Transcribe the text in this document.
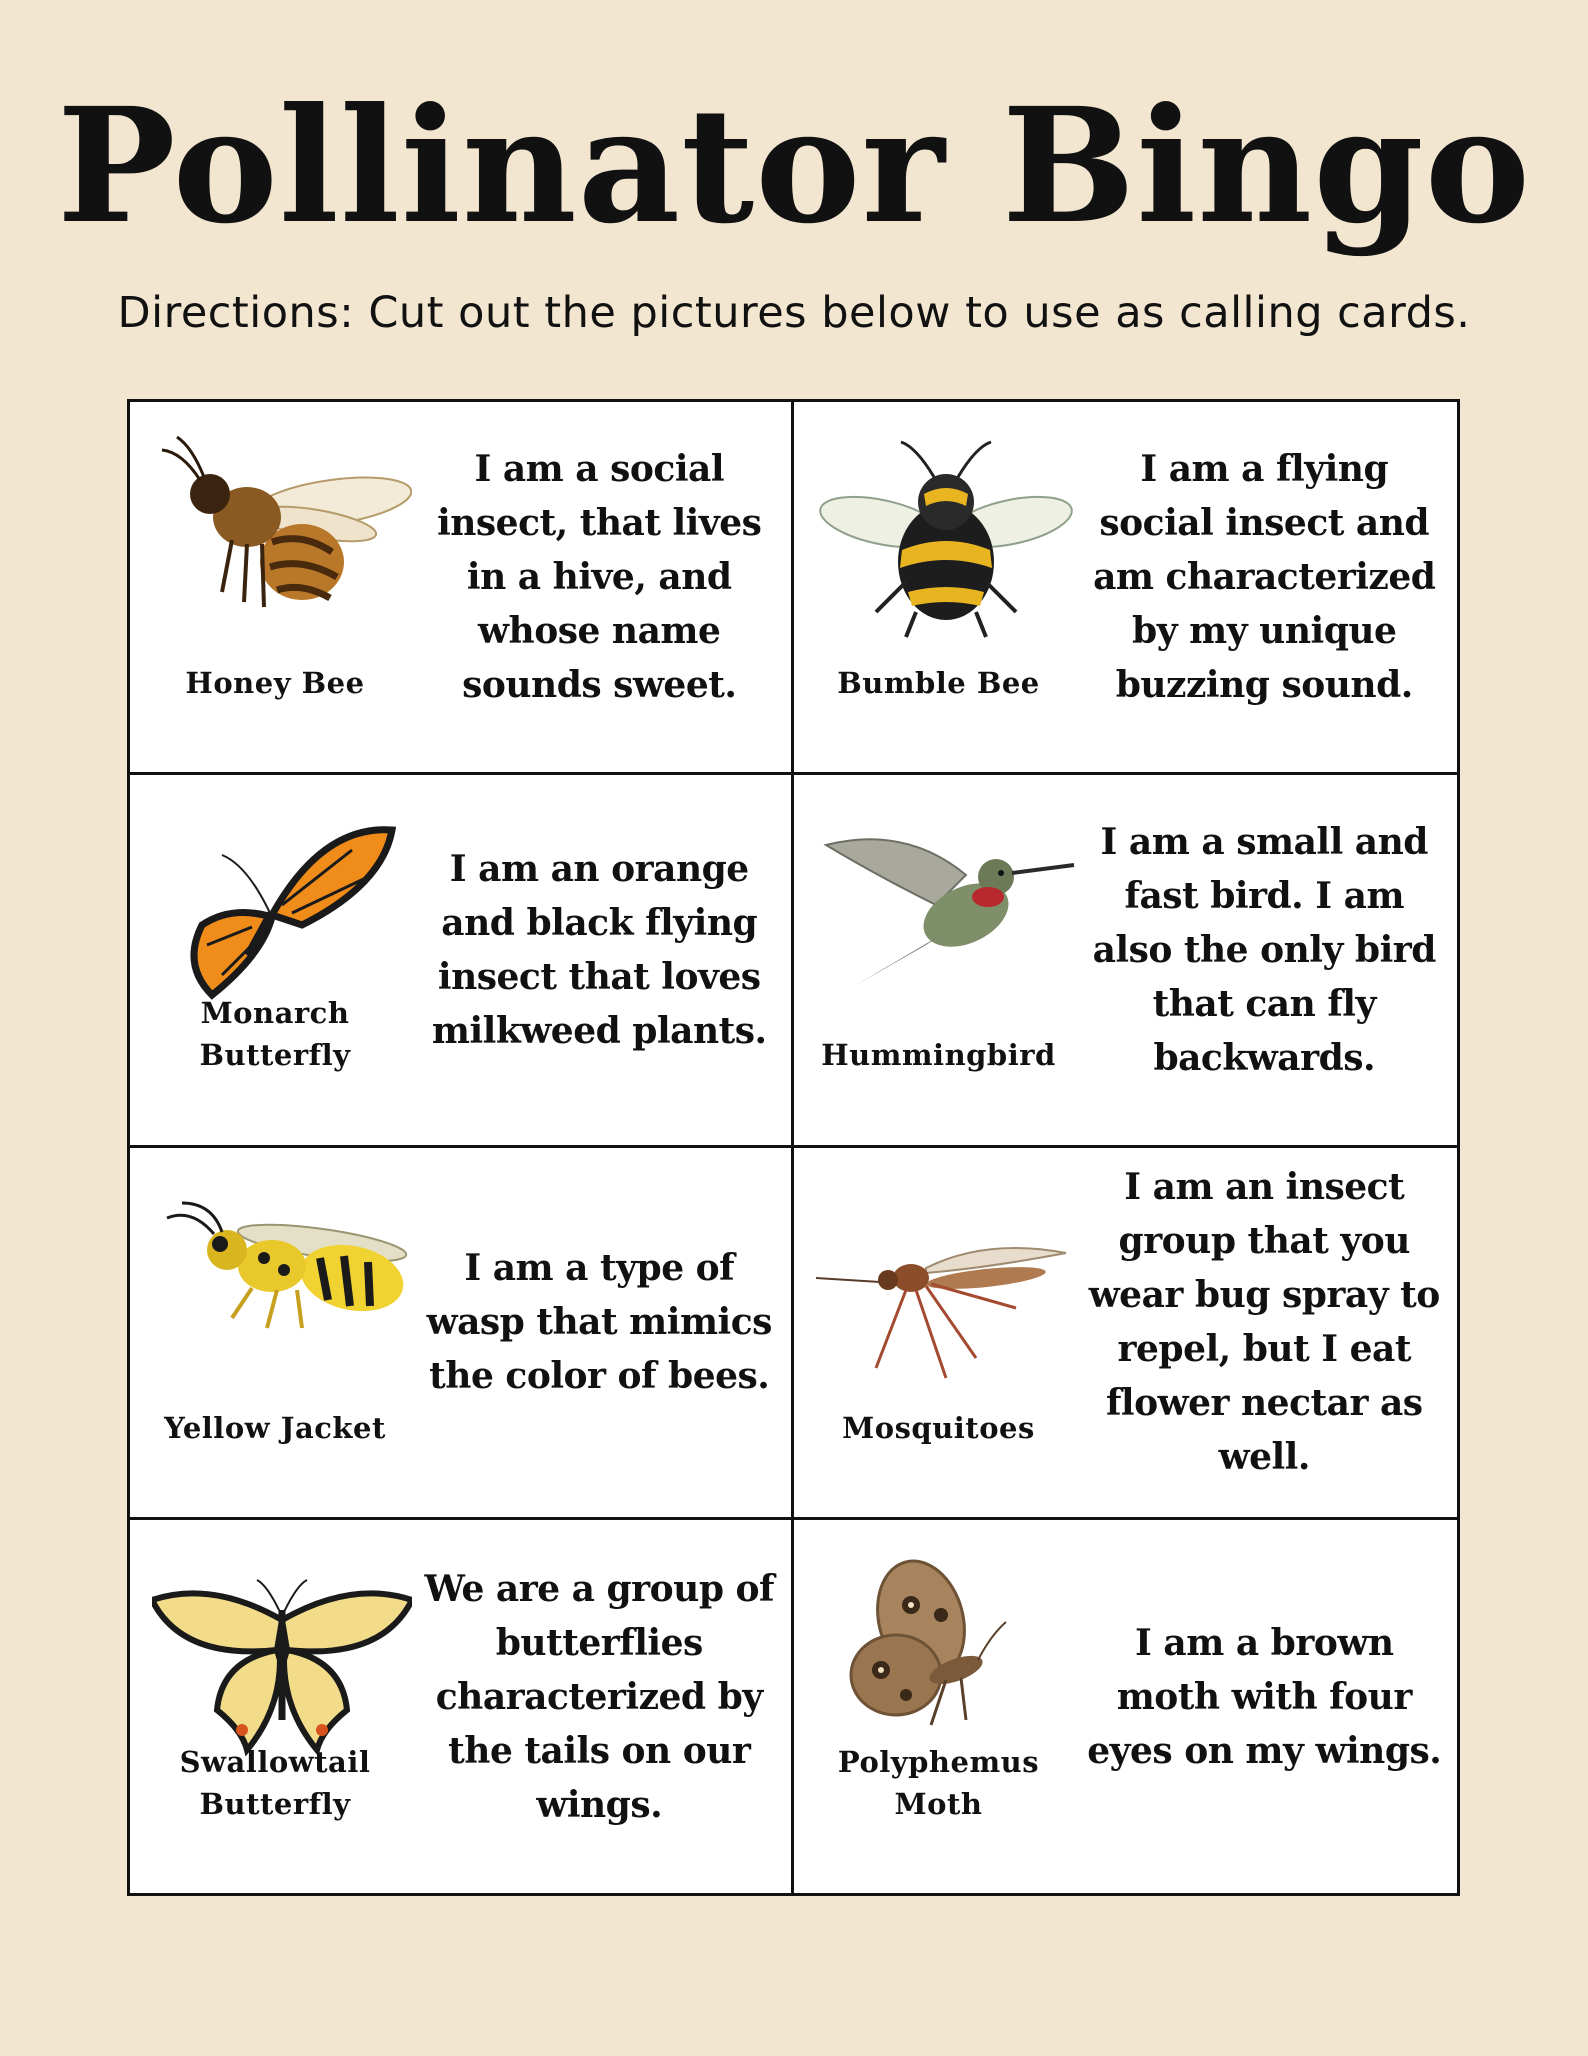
Pollinator Bingo
Directions: Cut out the pictures below to use as calling cards.
Honey Bee
I am a social insect, that lives in a hive, and whose name sounds sweet.	Bumble Bee
I am a flying social insect and am characterized by my unique buzzing sound.
Monarch Butterfly
I am an orange and black flying insect that loves milkweed plants.
Hummingbird
I am a small and fast bird. I am also the only bird that can fly backwards.
Yellow Jacket
I am a type of wasp that mimics the color of bees.
Mosquitoes
I am an insect group that you wear bug spray to repel, but I eat flower nectar as well.
Swallowtail Butterfly
We are a group of butterflies characterized by the tails on our wings.
Polyphemus Moth
I am a brown moth with four eyes on my wings.
